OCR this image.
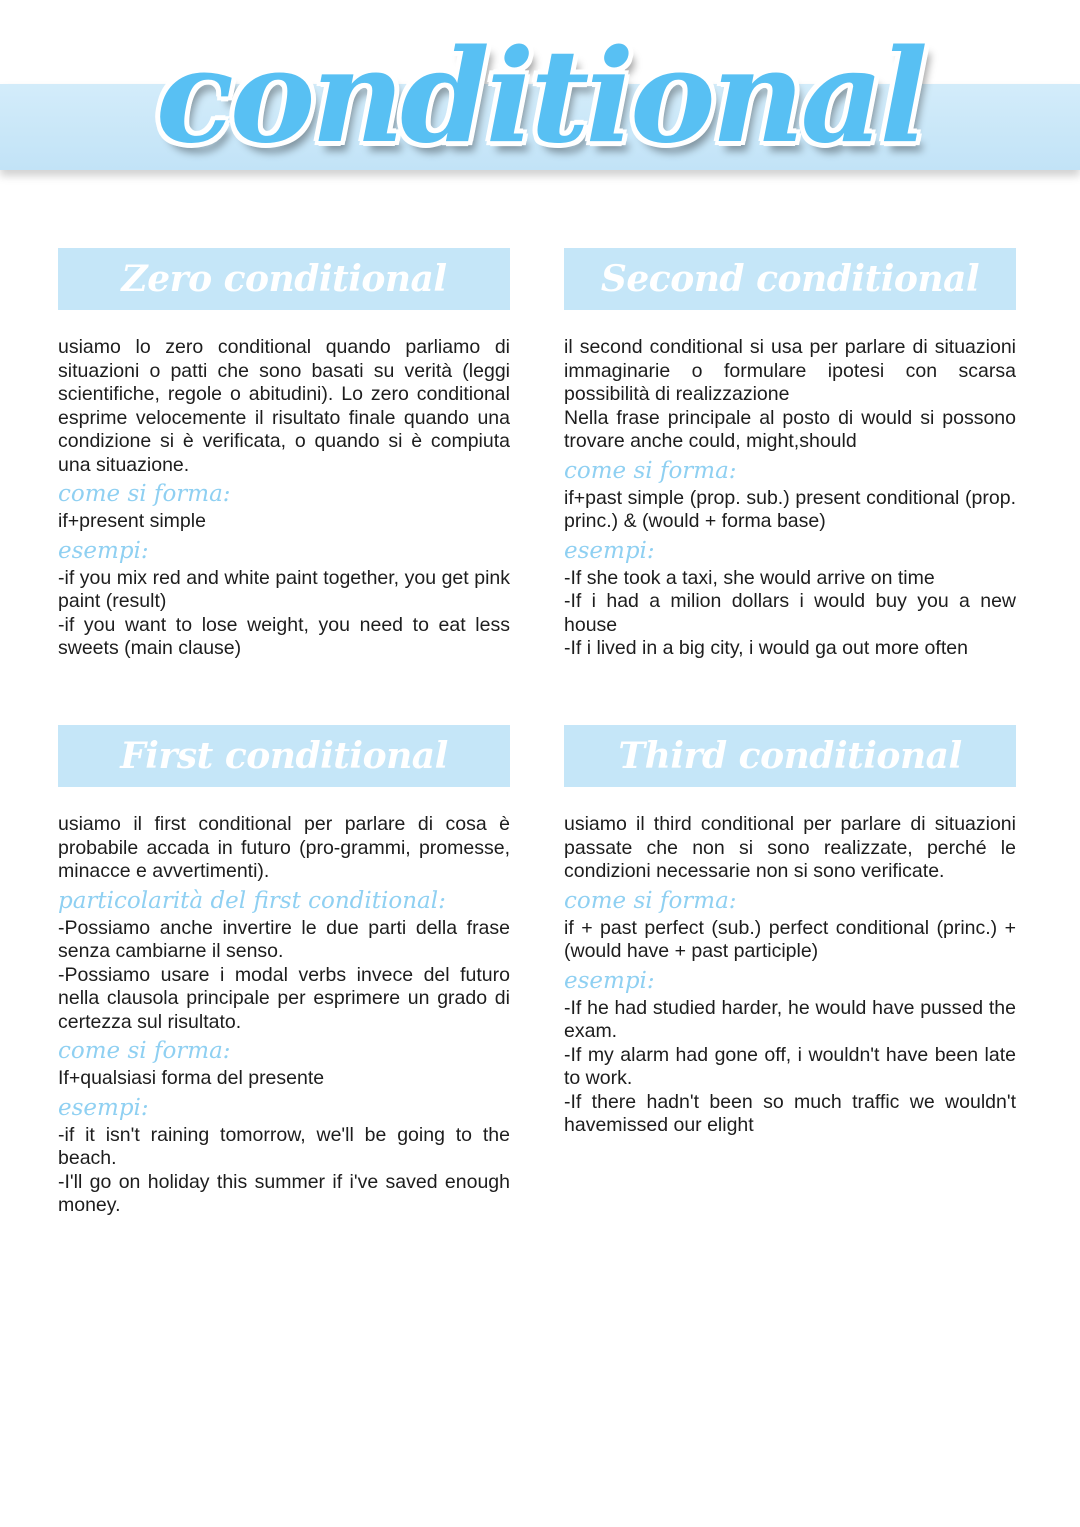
conditional
Zero conditional

usiamo lo zero conditional quando parliamo di situazioni o patti che sono basati su verità (leggi scientifiche, regole o abitudini). Lo zero conditional esprime velocemente il risultato finale quando una condizione si è verificata, o quando si è compiuta una situazione.

come si forma:

if+present simple

esempi:

-if you mix red and white paint together, you get pink paint (result)

-if you want to lose weight, you need to eat less sweets (main clause)

Second conditional

il second conditional si usa per parlare di situazioni immaginarie o formulare ipotesi con scarsa possibilità di realizzazione

Nella frase principale al posto di would si possono trovare anche could, might,should

come si forma:

if+past simple (prop. sub.) present conditional (prop. princ.) & (would + forma base)

esempi:

-If she took a taxi, she would arrive on time

-If i had a milion dollars i would buy you a new house

-If i lived in a big city, i would ga out more often

First conditional

usiamo il first conditional per parlare di cosa è probabile accada in futuro (pro-grammi, promesse, minacce e avvertimenti).

particolarità del first conditional:

-Possiamo anche invertire le due parti della frase senza cambiarne il senso.

-Possiamo usare i modal verbs invece del futuro nella clausola principale per esprimere un grado di certezza sul risultato.

come si forma:

If+qualsiasi forma del presente

esempi:

-if it isn't raining tomorrow, we'll be going to the beach.

-I'll go on holiday this summer if i've saved enough money.

Third conditional

usiamo il third conditional per parlare di situazioni passate che non si sono realizzate, perché le condizioni necessarie non si sono verificate.

come si forma:

if + past perfect (sub.) perfect conditional (princ.) + (would have + past participle)

esempi:

-If he had studied harder, he would have pussed the exam.

-If my alarm had gone off, i wouldn't have been late to work.

-If there hadn't been so much traffic we wouldn't havemissed our elight
